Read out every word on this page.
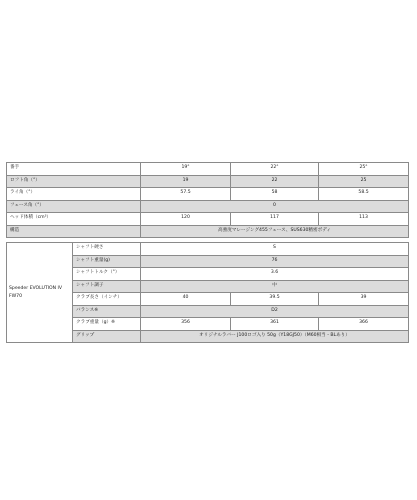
番手		19°	22°	25°
ロフト角（°）		19	22	25
ライ角（°）		57.5	58	58.5
フェース角（°）		0		
ヘッド体積（cm³）		120	117	113
構造		高強度マレージング455フェース、SUS630精密ボディ		

Speeder EVOLUTION IV FW70	シャフト硬さ	S		
	シャフト重量(g)	76		
	シャフトトルク（°）	3.6		
	シャフト調子	中		
	クラブ長さ（インチ）	40	39.5	39
	バランス※	D2		
	クラブ重量（g）※	356	361	366
	グリップ	オリジナルラバー J100ロゴ入り 50g（Y18GJ50）（M60相当・BLあり）		
